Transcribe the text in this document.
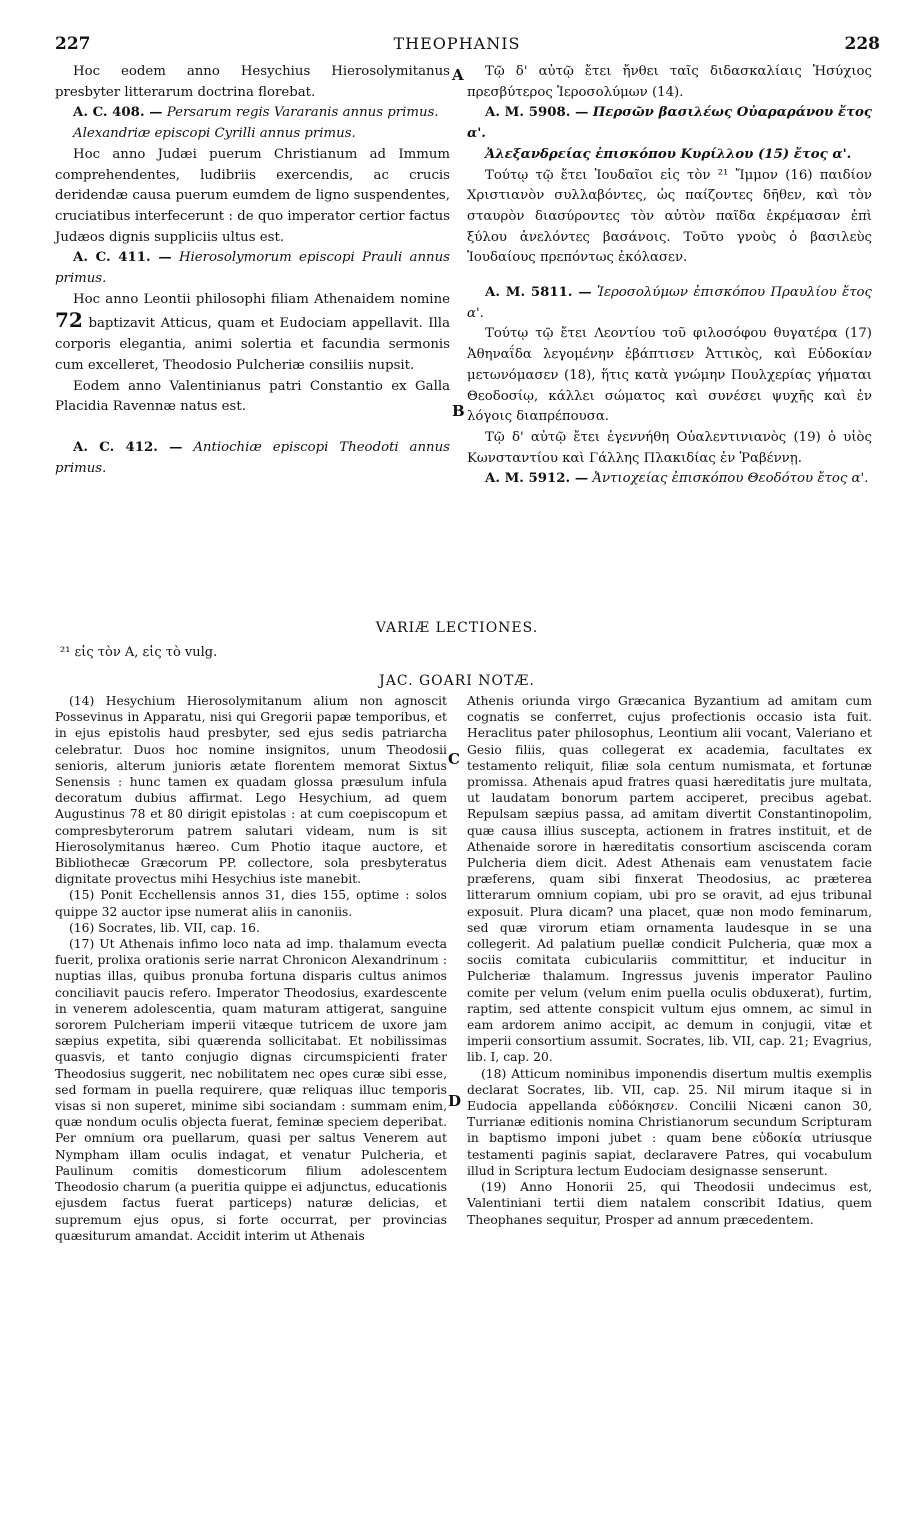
227	THEOPHANIS	228

Hoc eodem anno Hesychius Hierosolymitanus presbyter litterarum doctrina florebat.

A. C. 408. — Persarum regis Vararanis annus primus.

Alexandriæ episcopi Cyrilli annus primus.

Hoc anno Judæi puerum Christianum ad Immum comprehendentes, ludibriis exercendis, ac crucis deridendæ causa puerum eumdem de ligno suspendentes, cruciatibus interfecerunt : de quo imperator certior factus Judæos dignis suppliciis ultus est.

A. C. 411. — Hierosolymorum episcopi Prauli annus primus.

Hoc anno Leontii philosophi filiam Athenaidem nomine 72 baptizavit Atticus, quam et Eudociam appellavit. Illa corporis elegantia, animi solertia et facundia sermonis cum excelleret, Theodosio Pulcheriæ consiliis nupsit.

Eodem anno Valentinianus patri Constantio ex Galla Placidia Ravennæ natus est.

A. C. 412. — Antiochiæ episcopi Theodoti annus primus.

A
B
C
D

Τῷ δ' αὐτῷ ἔτει ἤνθει ταῖς διδασκαλίαις Ἡσύχιος πρεσβύτερος Ἱεροσολύμων (14).

A. M. 5908. — Περσῶν βασιλέως Οὐαραράνου ἔτος α'.

Ἀλεξανδρείας ἐπισκόπου Κυρίλλου (15) ἔτος α'.

Τούτῳ τῷ ἔτει Ἰουδαῖοι εἰς τὸν ²¹ Ἴμμον (16) παιδίον Χριστιανὸν συλλαβόντες, ὡς παίζοντες δῆθεν, καὶ τὸν σταυρὸν διασύροντες τὸν αὐτὸν παῖδα ἐκρέμασαν ἐπὶ ξύλου ἀνελόντες βασάνοις. Τοῦτο γνοὺς ὁ βασιλεὺς Ἰουδαίους πρεπόντως ἐκόλασεν.

A. M. 5811. — Ἱεροσολύμων ἐπισκόπου Πραυλίου ἔτος α'.

Τούτῳ τῷ ἔτει Λεοντίου τοῦ φιλοσόφου θυγατέρα (17) Ἀθηναΐδα λεγομένην ἐβάπτισεν Ἀττικὸς, καὶ Εὐδοκίαν μετωνόμασεν (18), ἥτις κατὰ γνώμην Πουλχερίας γήμαται Θεοδοσίῳ, κάλλει σώματος καὶ συνέσει ψυχῆς καὶ ἐν λόγοις διαπρέπουσα.

Τῷ δ' αὐτῷ ἔτει ἐγεννήθη Οὐαλεντινιανὸς (19) ὁ υἱὸς Κωνσταντίου καὶ Γάλλης Πλακιδίας ἐν Ῥαβέννῃ.

A. M. 5912. — Ἀντιοχείας ἐπισκόπου Θεοδότου ἔτος α'.

VARIÆ LECTIONES.
²¹ εἰς τὸν A, εἰς τὸ vulg.
JAC. GOARI NOTÆ.

(14) Hesychium Hierosolymitanum alium non agnoscit Possevinus in Apparatu, nisi qui Gregorii papæ temporibus, et in ejus epistolis haud presbyter, sed ejus sedis patriarcha celebratur. Duos hoc nomine insignitos, unum Theodosii senioris, alterum junioris ætate florentem memorat Sixtus Senensis : hunc tamen ex quadam glossa præsulum infula decoratum dubius affirmat. Lego Hesychium, ad quem Augustinus 78 et 80 dirigit epistolas : at cum coepiscopum et compresbyterorum patrem salutari videam, num is sit Hierosolymitanus hæreo. Cum Photio itaque auctore, et Bibliothecæ Græcorum PP. collectore, sola presbyteratus dignitate provectus mihi Hesychius iste manebit.

(15) Ponit Ecchellensis annos 31, dies 155, optime : solos quippe 32 auctor ipse numerat aliis in canoniis.

(16) Socrates, lib. VII, cap. 16.

(17) Ut Athenais infimo loco nata ad imp. thalamum evecta fuerit, prolixa orationis serie narrat Chronicon Alexandrinum : nuptias illas, quibus pronuba fortuna disparis cultus animos conciliavit paucis refero. Imperator Theodosius, exardescente in venerem adolescentia, quam maturam attigerat, sanguine sororem Pulcheriam imperii vitæque tutricem de uxore jam sæpius expetita, sibi quærenda sollicitabat. Et nobilissimas quasvis, et tanto conjugio dignas circumspicienti frater Theodosius suggerit, nec nobilitatem nec opes curæ sibi esse, sed formam in puella requirere, quæ reliquas illuc temporis visas si non superet, minime sibi sociandam : summam enim, quæ nondum oculis objecta fuerat, feminæ speciem deperibat. Per omnium ora puellarum, quasi per saltus Venerem aut Nympham illam oculis indagat, et venatur Pulcheria, et Paulinum comitis domesticorum filium adolescentem Theodosio charum (a pueritia quippe ei adjunctus, educationis ejusdem factus fuerat particeps) naturæ delicias, et supremum ejus opus, si forte occurrat, per provincias quæsiturum amandat. Accidit interim ut Athenais

Athenis oriunda virgo Græcanica Byzantium ad amitam cum cognatis se conferret, cujus profectionis occasio ista fuit. Heraclitus pater philosophus, Leontium alii vocant, Valeriano et Gesio filiis, quas collegerat ex academia, facultates ex testamento reliquit, filiæ sola centum numismata, et fortunæ promissa. Athenais apud fratres quasi hæreditatis jure multata, ut laudatam bonorum partem acciperet, precibus agebat. Repulsam sæpius passa, ad amitam divertit Constantinopolim, quæ causa illius suscepta, actionem in fratres instituit, et de Athenaide sorore in hæreditatis consortium asciscenda coram Pulcheria diem dicit. Adest Athenais eam venustatem facie præferens, quam sibi finxerat Theodosius, ac præterea litterarum omnium copiam, ubi pro se oravit, ad ejus tribunal exposuit. Plura dicam? una placet, quæ non modo feminarum, sed quæ virorum etiam ornamenta laudesque in se una collegerit. Ad palatium puellæ condicit Pulcheria, quæ mox a sociis comitata cubiculariis committitur, et inducitur in Pulcheriæ thalamum. Ingressus juvenis imperator Paulino comite per velum (velum enim puella oculis obduxerat), furtim, raptim, sed attente conspicit vultum ejus omnem, ac simul in eam ardorem animo accipit, ac demum in conjugii, vitæ et imperii consortium assumit. Socrates, lib. VII, cap. 21; Evagrius, lib. I, cap. 20.

(18) Atticum nominibus imponendis disertum multis exemplis declarat Socrates, lib. VII, cap. 25. Nil mirum itaque si in Eudocia appellanda εὐδόκησεν. Concilii Nicæni canon 30, Turrianæ editionis nomina Christianorum secundum Scripturam in baptismo imponi jubet : quam bene εὐδοκία utriusque testamenti paginis sapiat, declaravere Patres, qui vocabulum illud in Scriptura lectum Eudociam designasse senserunt.

(19) Anno Honorii 25, qui Theodosii undecimus est, Valentiniani tertii diem natalem conscribit Idatius, quem Theophanes sequitur, Prosper ad annum præcedentem.
